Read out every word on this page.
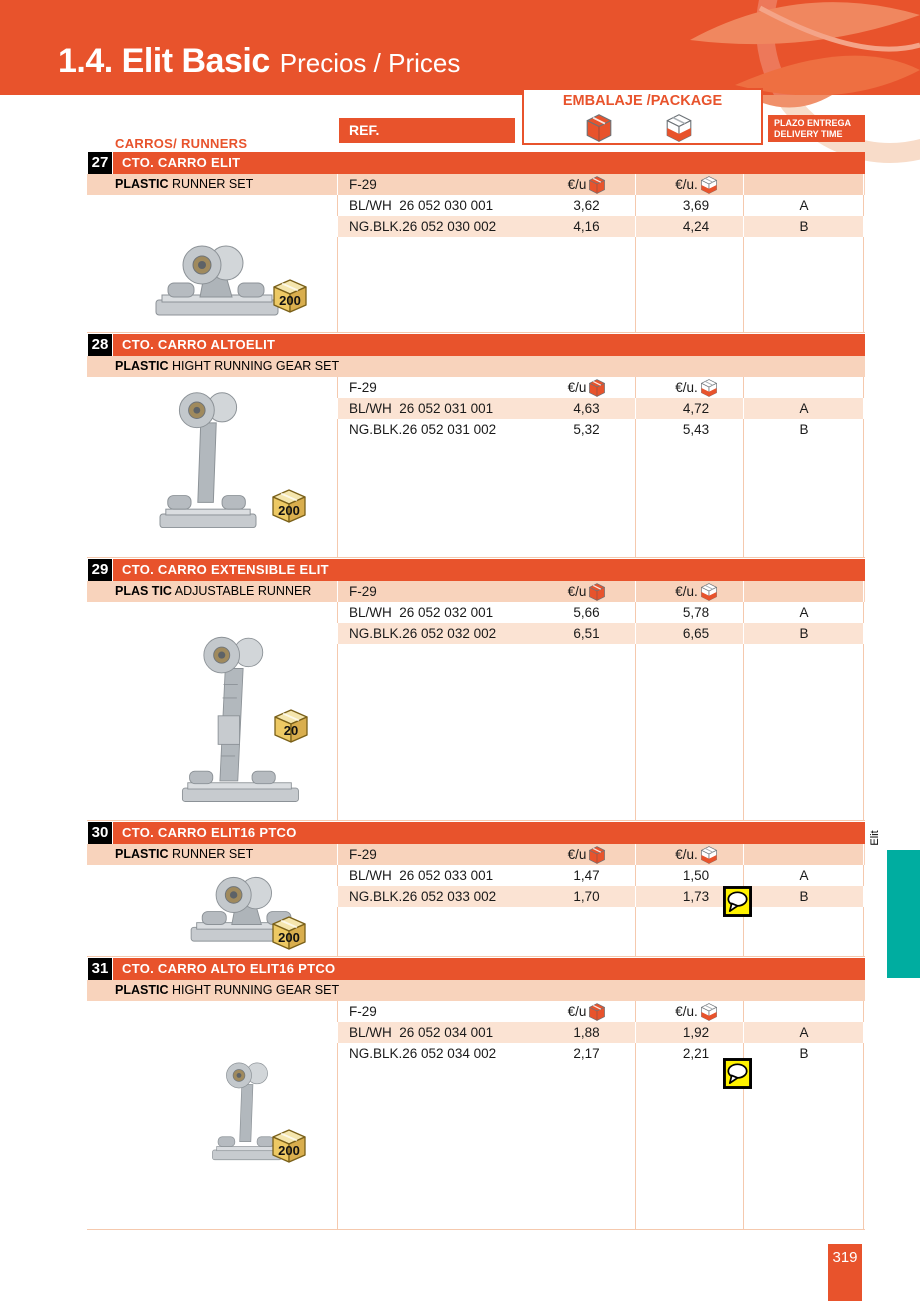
1.4. Elit Basic Precios / Prices
REF.
EMBALAJE /PACKAGE
PLAZO ENTREGA
DELIVERY TIME
CARROS/ RUNNERS
27	CTO. CARRO ELIT
PLASTIC RUNNER SET	F-29	€/u	€/u.
BL/WH  26 052 030 001	3,62	3,69	A
NG.BLK.26 052 030 002	4,16	4,24	B
200
28	CTO. CARRO ALTOELIT
PLASTIC HIGHT RUNNING GEAR SET
F-29	€/u	€/u.
BL/WH  26 052 031 001	4,63	4,72	A
NG.BLK.26 052 031 002	5,32	5,43	B
200
29	CTO. CARRO EXTENSIBLE ELIT
PLAS TIC ADJUSTABLE RUNNER	F-29	€/u	€/u.
BL/WH  26 052 032 001	5,66	5,78	A
NG.BLK.26 052 032 002	6,51	6,65	B
20
30	CTO. CARRO ELIT16 PTCO
PLASTIC RUNNER SET	F-29	€/u	€/u.
BL/WH  26 052 033 001	1,47	1,50	A
NG.BLK.26 052 033 002	1,70	1,73	B
200
31	CTO. CARRO ALTO ELIT16 PTCO
PLASTIC HIGHT RUNNING GEAR SET
F-29	€/u	€/u.
BL/WH  26 052 034 001	1,88	1,92	A
NG.BLK.26 052 034 002	2,17	2,21	B
200
Elit
319
